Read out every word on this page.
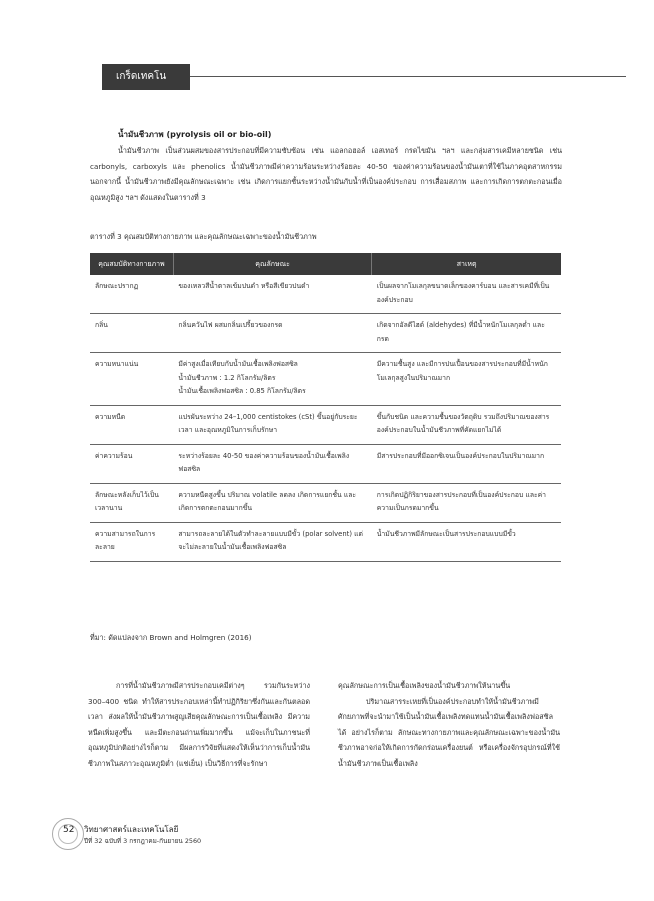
เกร็ดเทคโน
น้ำมันชีวภาพ (pyrolysis oil or bio-oil)
น้ำมันชีวภาพ เป็นส่วนผสมของสารประกอบที่มีความซับซ้อน เช่น แอลกอฮอล์ เอสเทอร์ กรดไขมัน ฯลฯ และกลุ่มสารเคมีหลายชนิด เช่น carbonyls, carboxyls และ phenolics น้ำมันชีวภาพมีค่าความร้อนระหว่างร้อยละ 40-50 ของค่าความร้อนของน้ำมันเตาที่ใช้ในภาคอุตสาหกรรม นอกจากนี้ น้ำมันชีวภาพยังมีคุณลักษณะเฉพาะ เช่น เกิดการแยกชั้นระหว่างน้ำมันกับน้ำที่เป็นองค์ประกอบ การเสื่อมสภาพ และการเกิดการตกตะกอนเมื่ออุณหภูมิสูง ฯลฯ ดังแสดงในตารางที่ 3
ตารางที่ 3 คุณสมบัติทางกายภาพ และคุณลักษณะเฉพาะของน้ำมันชีวภาพ
คุณสมบัติทางกายภาพ	คุณลักษณะ	สาเหตุ
ลักษณะปรากฏ	ของเหลวสีน้ำตาลเข้มปนดำ หรือสีเขียวปนดำ	เป็นผลจากโมเลกุลขนาดเล็กของคาร์บอน และสารเคมีที่เป็นองค์ประกอบ
กลิ่น	กลิ่นควันไฟ ผสมกลิ่นเปรี้ยวของกรด	เกิดจากอัลดีไฮด์ (aldehydes) ที่มีน้ำหนักโมเลกุลต่ำ และกรด
ความหนาแน่น	มีค่าสูงเมื่อเทียบกับน้ำมันเชื้อเพลิงฟอสซิล
น้ำมันชีวภาพ : 1.2 กิโลกรัม/ลิตร
น้ำมันเชื้อเพลิงฟอสซิล : 0.85 กิโลกรัม/ลิตร	มีความชื้นสูง และมีการปนเปื้อนของสารประกอบที่มีน้ำหนักโมเลกุลสูงในปริมาณมาก
ความหนืด	แปรผันระหว่าง 24–1,000 centistokes (cSt) ขึ้นอยู่กับระยะเวลา และอุณหภูมิในการเก็บรักษา	ขึ้นกับชนิด และความชื้นของวัตถุดิบ รวมถึงปริมาณของสารองค์ประกอบในน้ำมันชีวภาพที่คัดแยกไม่ได้
ค่าความร้อน	ระหว่างร้อยละ 40-50 ของค่าความร้อนของน้ำมันเชื้อเพลิงฟอสซิล	มีสารประกอบที่มีออกซิเจนเป็นองค์ประกอบในปริมาณมาก
ลักษณะหลังเก็บไว้เป็นเวลานาน	ความหนืดสูงขึ้น ปริมาณ volatile ลดลง เกิดการแยกชั้น และเกิดการตกตะกอนมากขึ้น	การเกิดปฏิกิริยาของสารประกอบที่เป็นองค์ประกอบ และค่าความเป็นกรดมากขึ้น
ความสามารถในการละลาย	สามารถละลายได้ในตัวทำละลายแบบมีขั้ว (polar solvent) แต่จะไม่ละลายในน้ำมันเชื้อเพลิงฟอสซิล	น้ำมันชีวภาพมีลักษณะเป็นสารประกอบแบบมีขั้ว
ที่มา: ดัดแปลงจาก Brown and Holmgren (2016)
การที่น้ำมันชีวภาพมีสารประกอบเคมีต่างๆ รวมกันระหว่าง 300–400 ชนิด ทำให้สารประกอบเหล่านี้ทำปฏิกิริยาซึ่งกันและกันตลอดเวลา ส่งผลให้น้ำมันชีวภาพสูญเสียคุณลักษณะการเป็นเชื้อเพลิง มีความหนืดเพิ่มสูงขึ้น และมีตะกอนถ่านเพิ่มมากขึ้น แม้จะเก็บในภาชนะที่อุณหภูมิปกติอย่างไรก็ตาม มีผลการวิจัยที่แสดงให้เห็นว่าการเก็บน้ำมันชีวภาพในสภาวะอุณหภูมิต่ำ (แช่เย็น) เป็นวิธีการที่จะรักษา

คุณลักษณะการเป็นเชื้อเพลิงของน้ำมันชีวภาพให้นานขึ้น

ปริมาณสารระเหยที่เป็นองค์ประกอบทำให้น้ำมันชีวภาพมีศักยภาพที่จะนำมาใช้เป็นน้ำมันเชื้อเพลิงทดแทนน้ำมันเชื้อเพลิงฟอสซิลได้ อย่างไรก็ตาม ลักษณะทางกายภาพและคุณลักษณะเฉพาะของน้ำมันชีวภาพอาจก่อให้เกิดการกัดกร่อนเครื่องยนต์ หรือเครื่องจักรอุปกรณ์ที่ใช้น้ำมันชีวภาพเป็นเชื้อเพลิง

52 วิทยาศาสตร์และเทคโนโลยี
ปีที่ 32 ฉบับที่ 3 กรกฎาคม-กันยายน 2560
